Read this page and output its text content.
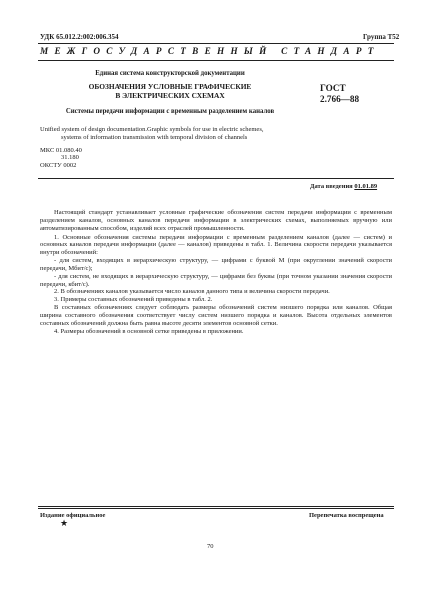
УДК 65.012.2:002:006.354	Группа Т52
МЕЖГОСУДАРСТВЕННЫЙ СТАНДАРТ
Единая система конструкторской документации
ОБОЗНАЧЕНИЯ УСЛОВНЫЕ ГРАФИЧЕСКИЕ
В ЭЛЕКТРИЧЕСКИХ СХЕМАХ
Системы передачи информации с временным разделением каналов
ГОСТ
2.766—88
Unified system of design documentation.Graphic symbols for use in electric schemes,
systems of information transmission with temporal division of channels
МКС 01.080.40
31.180
ОКСТУ 0002
Дата введения 01.01.89

Настоящий стандарт устанавливает условные графические обозначения систем передачи информации с временным разделением каналов, основных каналов передачи информации в электрических схемах, выполняемых вручную или автоматизированным способом, изделий всех отраслей промышленности.

1. Основные обозначения системы передачи информации с временным разделением каналов (далее — систем) и основных каналов передачи информации (далее — каналов) приведены в табл. 1. Величина скорости передачи указывается внутри обозначений:

- для систем, входящих в иерархическую структуру, — цифрами с буквой М (при округлении значений скорости передачи, Мбит/с);

- для систем, не входящих в иерархическую структуру, — цифрами без буквы (при точном указании значения скорости передачи, кбит/с).

2. В обозначениях каналов указывается число каналов данного типа и величина скорости передачи.

3. Примеры составных обозначений приведены в табл. 2.

В составных обозначениях следует соблюдать размеры обозначений систем низшего порядка или каналов. Общая ширина составного обозначения соответствует числу систем низшего порядка и каналов. Высота отдельных элементов составных обозначений должна быть равна высоте десяти элементов основной сетки.

4. Размеры обозначений в основной сетке приведены в приложении.

Издание официальное	Перепечатка воспрещена
★
70
